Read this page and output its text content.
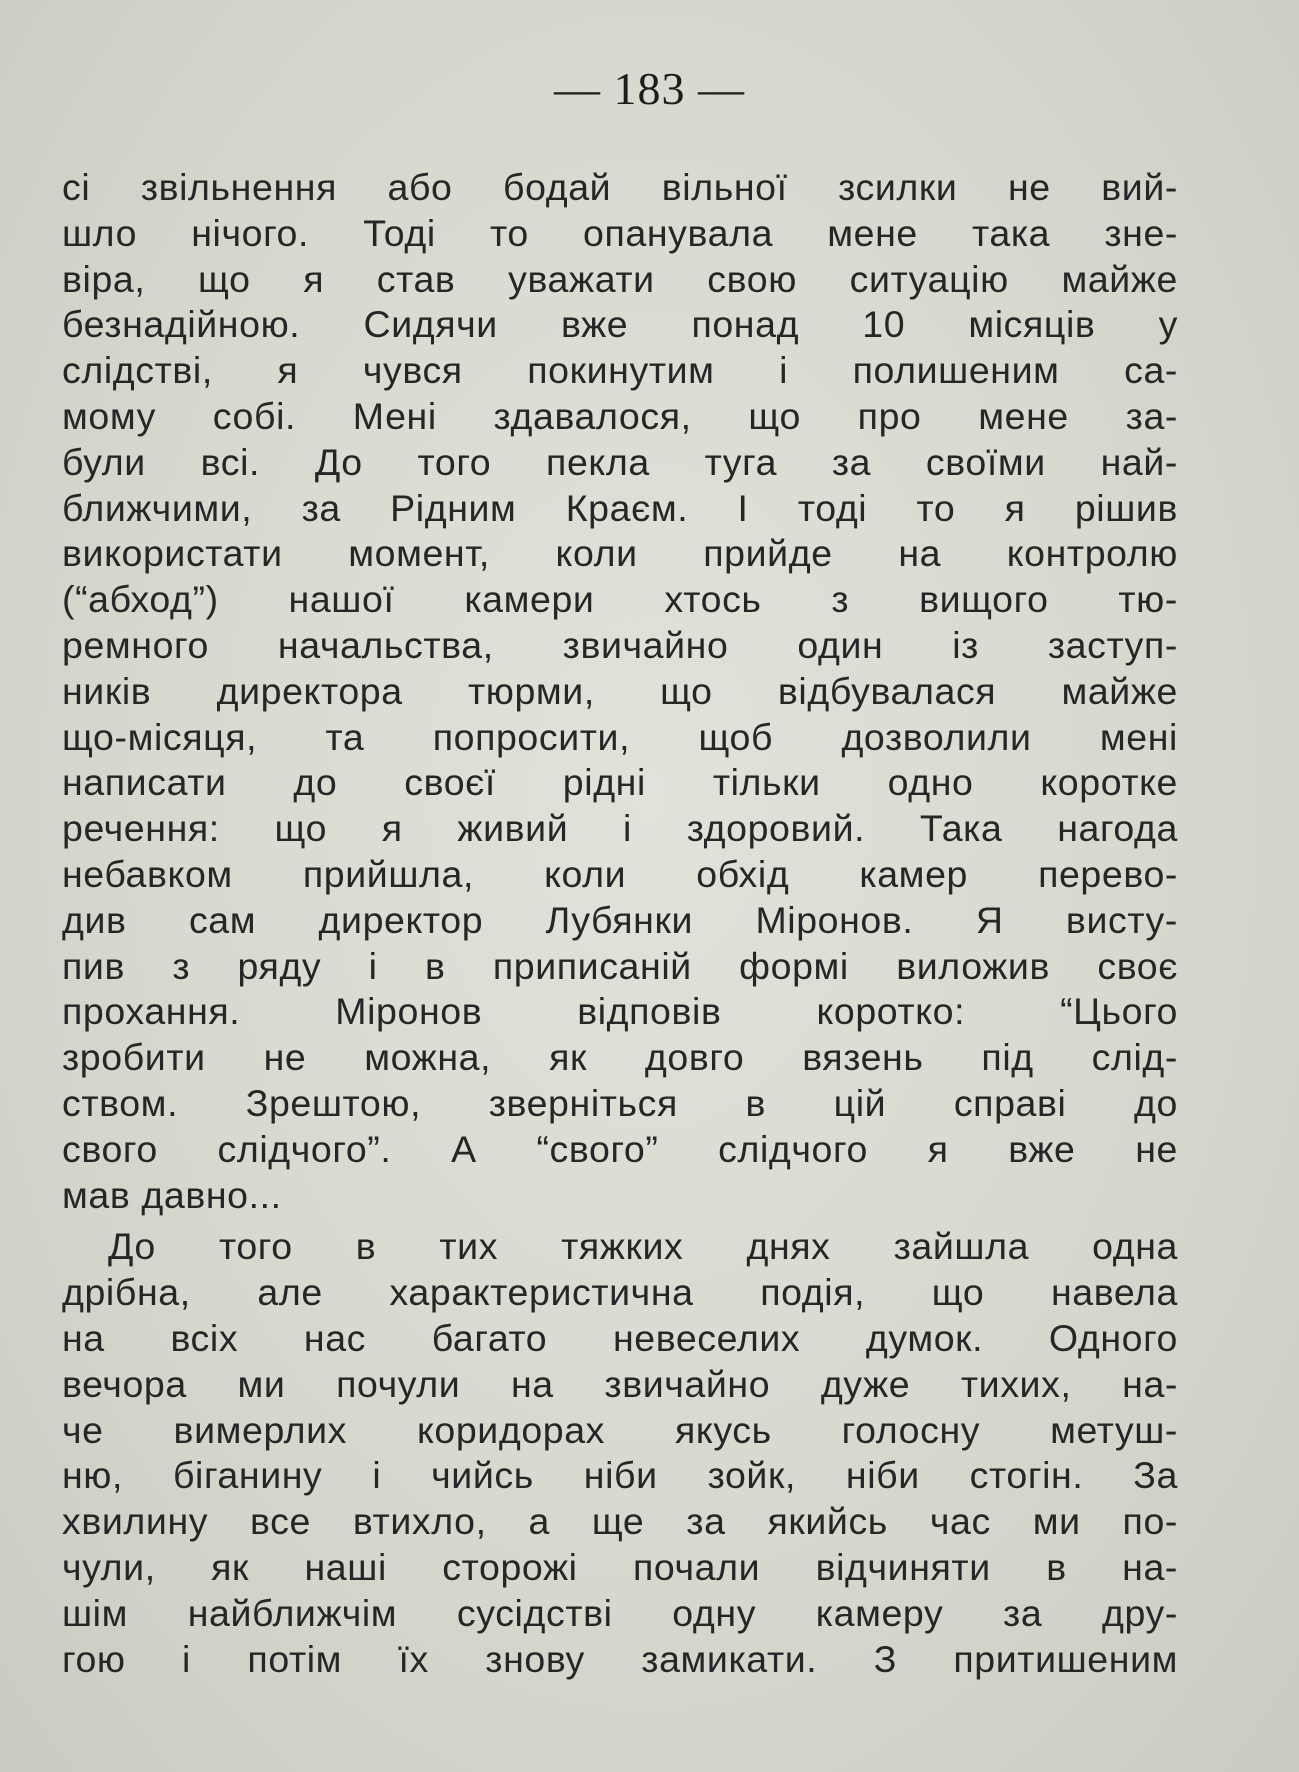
— 183 —
сі звільнення або бодай вільної зсилки не вий-
шло нічого. Тоді то опанувала мене така зне-
віра, що я став уважати свою ситуацію майже
безнадійною. Сидячи вже понад 10 місяців у
слідстві, я чувся покинутим і полишеним са-
мому собі. Мені здавалося, що про мене за-
були всі. До того пекла туга за своїми най-
ближчими, за Рідним Краєм. І тоді то я рішив
використати момент, коли прийде на контролю
(“абход”) нашої камери хтось з вищого тю-
ремного начальства, звичайно один із заступ-
ників директора тюрми, що відбувалася майже
що-місяця, та попросити, щоб дозволили мені
написати до своєї рідні тільки одно коротке
речення: що я живий і здоровий. Така нагода
небавком прийшла, коли обхід камер перево-
див сам директор Лубянки Міронов. Я висту-
пив з ряду і в приписаній формі виложив своє
прохання. Міронов відповів коротко: “Цього
зробити не можна, як довго вязень під слід-
ством. Зрештою, зверніться в цій справі до
свого слідчого”. А “свого” слідчого я вже не
мав давно...
До того в тих тяжких днях зайшла одна
дрібна, але характеристична подія, що навела
на всіх нас багато невеселих думок. Одного
вечора ми почули на звичайно дуже тихих, на-
че вимерлих коридорах якусь голосну метуш-
ню, біганину і чийсь ніби зойк, ніби стогін. За
хвилину все втихло, а ще за якийсь час ми по-
чули, як наші сторожі почали відчиняти в на-
шім найближчім сусідстві одну камеру за дру-
гою і потім їх знову замикати. З притишеним
